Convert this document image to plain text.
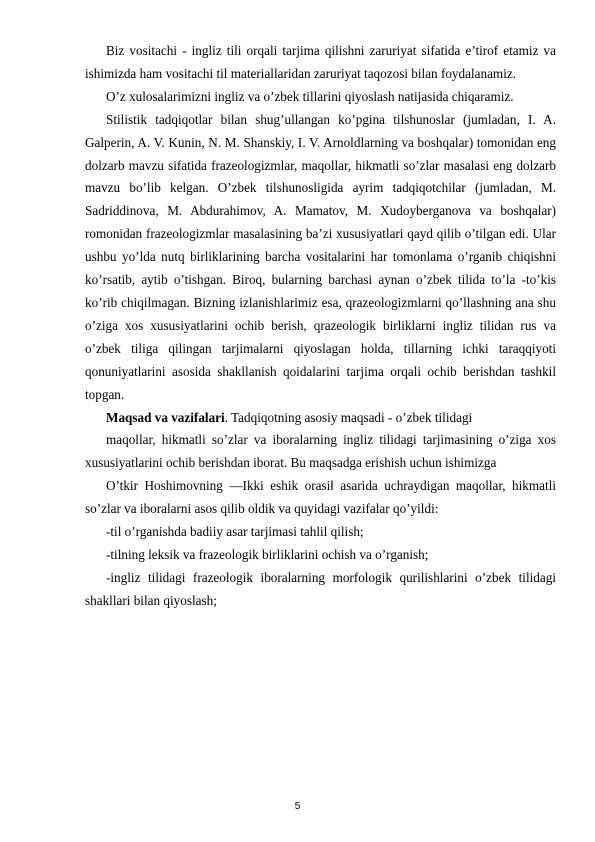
Biz vositachi - ingliz tili orqali tarjima qilishni zaruriyat sifatida e’tirof etamiz va ishimizda ham vositachi til materiallaridan zaruriyat taqozosi bilan foydalanamiz.

O’z xulosalarimizni ingliz va o’zbek tillarini qiyoslash natijasida chiqaramiz.

Stilistik tadqiqotlar bilan shug’ullangan ko’pgina tilshunoslar (jumladan, I. A. Galperin, A. V. Kunin, N. M. Shanskiy, I. V. Arnoldlarning va boshqalar) tomonidan eng dolzarb mavzu sifatida frazeologizmlar, maqollar, hikmatli so’zlar masalasi eng dolzarb mavzu bo’lib kelgan. O’zbek tilshunosligida ayrim tadqiqotchilar (jumladan, M. Sadriddinova, M. Abdurahimov, A. Mamatov, M. Xudoyberganova va boshqalar) romonidan frazeologizmlar masalasining ba’zi xususiyatlari qayd qilib o’tilgan edi. Ular ushbu yo’lda nutq birliklarining barcha vositalarini har tomonlama o’rganib chiqishni ko’rsatib, aytib o’tishgan. Biroq, bularning barchasi aynan o’zbek tilida to’la -to’kis ko’rib chiqilmagan. Bizning izlanishlarimiz esa, qrazeologizmlarni qo’llashning ana shu o’ziga xos xususiyatlarini ochib berish, qrazeologik birliklarni ingliz tilidan rus va o’zbek tiliga qilingan tarjimalarni qiyoslagan holda, tillarning ichki taraqqiyoti qonuniyatlarini asosida shakllanish qoidalarini tarjima orqali ochib berishdan tashkil topgan.

Maqsad va vazifalari. Tadqiqotning asosiy maqsadi - o’zbek tilidagi

maqollar, hikmatli so’zlar va iboralarning ingliz tilidagi tarjimasining o’ziga xos xususiyatlarini ochib berishdan iborat. Bu maqsadga erishish uchun ishimizga

O’tkir Hoshimovning ―Ikki eshik orasi‖ asarida uchraydigan maqollar, hikmatli so’zlar va iboralarni asos qilib oldik va quyidagi vazifalar qo’yildi:

-til o’rganishda badiiy asar tarjimasi tahlil qilish;

-tilning leksik va frazeologik birliklarini ochish va o’rganish;

-ingliz tilidagi frazeologik iboralarning morfologik qurilishlarini o’zbek tilidagi shakllari bilan qiyoslash;

5
